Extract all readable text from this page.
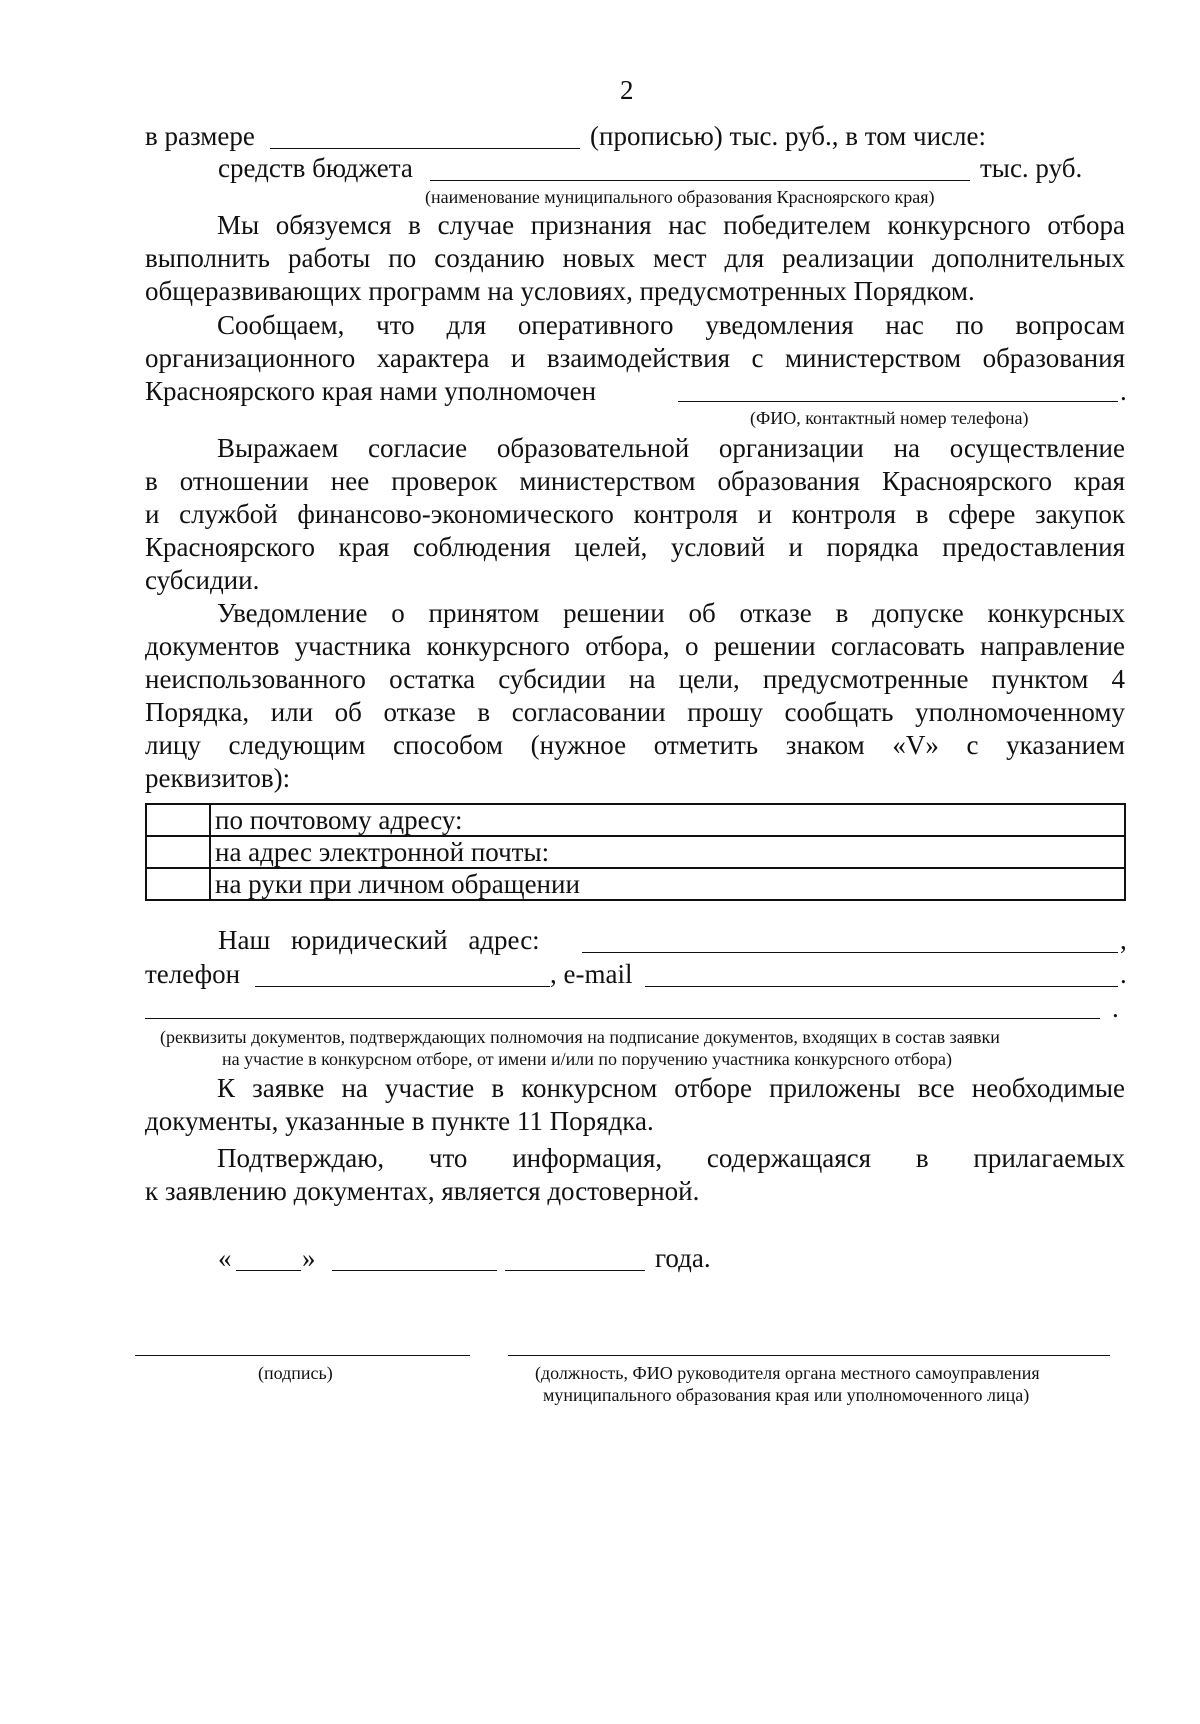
2
в размере	(прописью) тыс. руб., в том числе:
средств бюджета	тыс. руб.
(наименование муниципального образования Красноярского края)
Мы обязуемся в случае признания нас победителем конкурсного отбора
выполнить работы по созданию новых мест для реализации дополнительных
общеразвивающих программ на условиях, предусмотренных Порядком.
Сообщаем, что для оперативного уведомления нас по вопросам
организационного характера и взаимодействия с министерством образования
Красноярского края нами уполномочен	.
(ФИО, контактный номер телефона)
Выражаем согласие образовательной организации на осуществление
в отношении нее проверок министерством образования Красноярского края
и службой финансово-экономического контроля и контроля в сфере закупок
Красноярского края соблюдения целей, условий и порядка предоставления
субсидии.
Уведомление о принятом решении об отказе в допуске конкурсных
документов участника конкурсного отбора, о решении согласовать направление
неиспользованного остатка субсидии на цели, предусмотренные пунктом 4
Порядка, или об отказе в согласовании прошу сообщать уполномоченному
лицу следующим способом (нужное отметить знаком «V» с указанием
реквизитов):
	по почтовому адресу:
	на адрес электронной почты:
	на руки при личном обращении
Наш юридический адрес:	,
телефон	, e-mail	.
.
(реквизиты документов, подтверждающих полномочия на подписание документов, входящих в состав заявки
на участие в конкурсном отборе, от имени и/или по поручению участника конкурсного отбора)
К заявке на участие в конкурсном отборе приложены все необходимые
документы, указанные в пункте 11 Порядка.
Подтверждаю, что информация, содержащаяся в прилагаемых
к заявлению документах, является достоверной.
«	»	года.
(подпись)	(должность, ФИО руководителя органа местного самоуправления
муниципального образования края или уполномоченного лица)
